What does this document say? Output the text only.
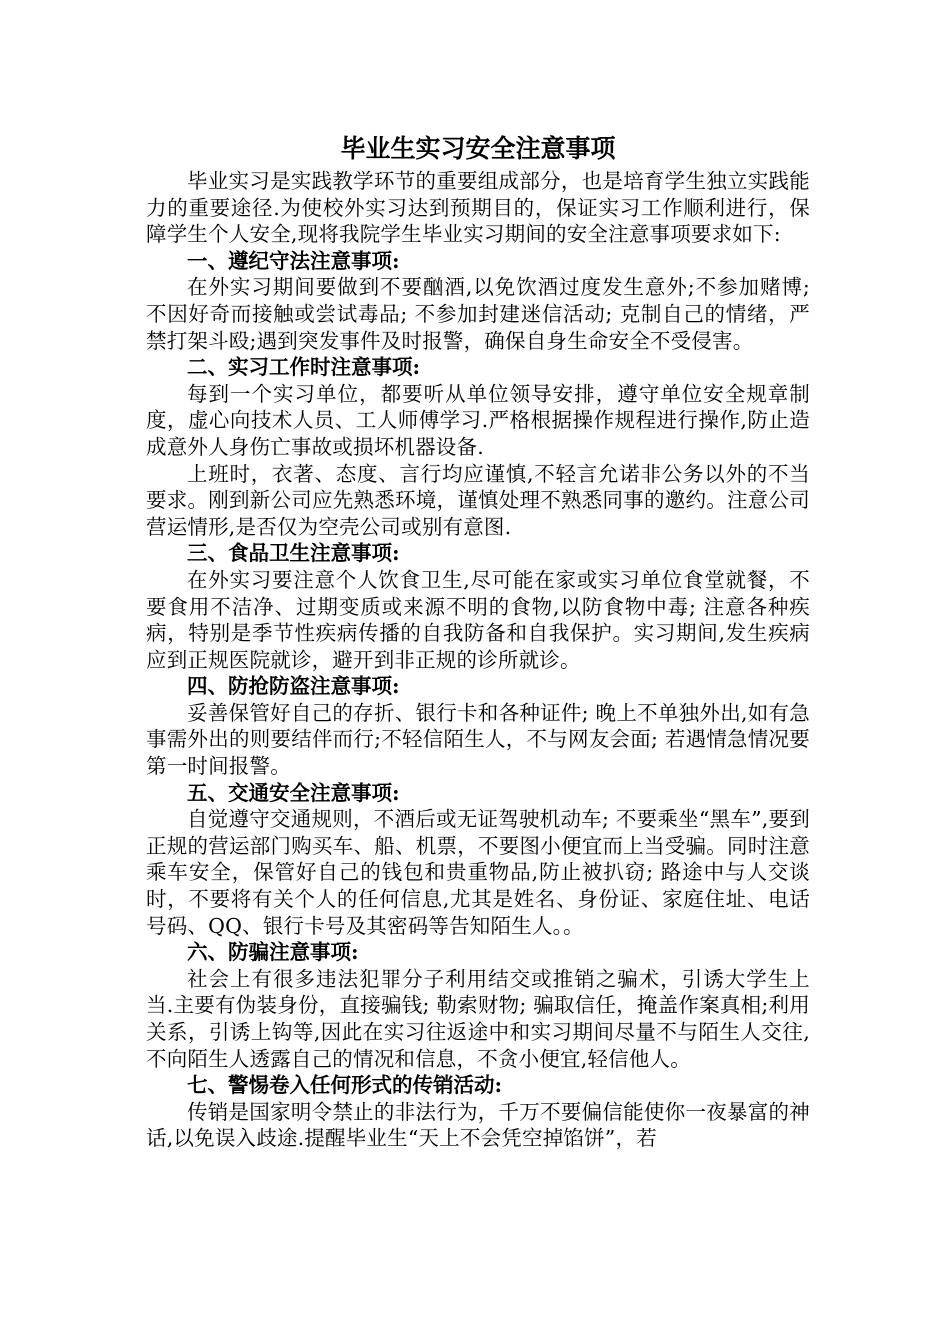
毕业生实习安全注意事项

毕业实习是实践教学环节的重要组成部分，也是培育学生独立实践能力的重要途径.为使校外实习达到预期目的，保证实习工作顺利进行，保障学生个人安全,现将我院学生毕业实习期间的安全注意事项要求如下:

一、遵纪守法注意事项:

在外实习期间要做到不要酗酒,以免饮酒过度发生意外;不参加赌博; 不因好奇而接触或尝试毒品; 不参加封建迷信活动; 克制自己的情绪，严禁打架斗殴;遇到突发事件及时报警，确保自身生命安全不受侵害。

二、实习工作时注意事项:

每到一个实习单位，都要听从单位领导安排，遵守单位安全规章制度，虚心向技术人员、工人师傅学习.严格根据操作规程进行操作,防止造成意外人身伤亡事故或损坏机器设备.

上班时，衣著、态度、言行均应谨慎,不轻言允诺非公务以外的不当要求。刚到新公司应先熟悉环境，谨慎处理不熟悉同事的邀约。注意公司营运情形,是否仅为空壳公司或别有意图.

三、食品卫生注意事项:

在外实习要注意个人饮食卫生,尽可能在家或实习单位食堂就餐，不要食用不洁净、过期变质或来源不明的食物,以防食物中毒; 注意各种疾病，特别是季节性疾病传播的自我防备和自我保护。实习期间,发生疾病应到正规医院就诊，避开到非正规的诊所就诊。

四、防抢防盗注意事项:

妥善保管好自己的存折、银行卡和各种证件; 晚上不单独外出,如有急事需外出的则要结伴而行;不轻信陌生人，不与网友会面; 若遇情急情况要第一时间报警。

五、交通安全注意事项:

自觉遵守交通规则，不酒后或无证驾驶机动车; 不要乘坐“黑车”,要到正规的营运部门购买车、船、机票，不要图小便宜而上当受骗。同时注意乘车安全，保管好自己的钱包和贵重物品,防止被扒窃; 路途中与人交谈时，不要将有关个人的任何信息,尤其是姓名、身份证、家庭住址、电话号码、QQ、银行卡号及其密码等告知陌生人。。

六、防骗注意事项:

社会上有很多违法犯罪分子利用结交或推销之骗术，引诱大学生上当.主要有伪装身份，直接骗钱; 勒索财物; 骗取信任，掩盖作案真相;利用关系，引诱上钩等,因此在实习往返途中和实习期间尽量不与陌生人交往,不向陌生人透露自己的情况和信息，不贪小便宜,轻信他人。

七、警惕卷入任何形式的传销活动:

传销是国家明令禁止的非法行为，千万不要偏信能使你一夜暴富的神话,以免误入歧途.提醒毕业生“天上不会凭空掉馅饼”，若
